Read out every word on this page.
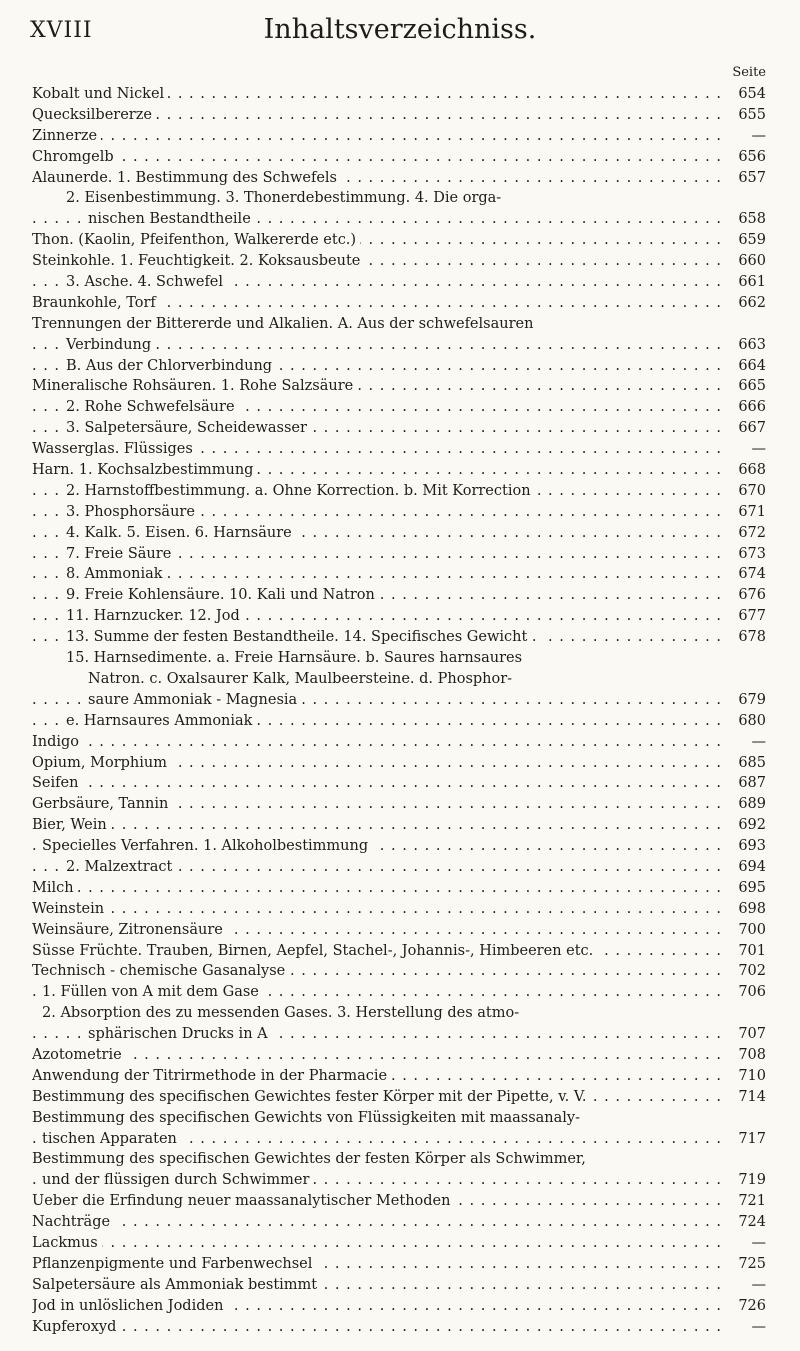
XVIII	Inhaltsverzeichniss.
Seite
. . . Kobalt und Nickel	654
. . . Quecksilbererze	655
. . . Zinnerze	—
. . . Chromgelb	656
. . . Alaunerde. 1. Bestimmung des Schwefels	657
2. Eisenbestimmung. 3. Thonerdebestimmung. 4. Die orga-
. . . nischen Bestandtheile	658
. . . Thon. (Kaolin, Pfeifenthon, Walkererde etc.)	659
. . . Steinkohle. 1. Feuchtigkeit. 2. Koksausbeute	660
. . . 3. Asche. 4. Schwefel	661
. . . Braunkohle, Torf	662
Trennungen der Bittererde und Alkalien. A. Aus der schwefelsauren
. . . Verbindung	663
. . . B. Aus der Chlorverbindung	664
. . . Mineralische Rohsäuren. 1. Rohe Salzsäure	665
. . . 2. Rohe Schwefelsäure	666
. . . 3. Salpetersäure, Scheidewasser	667
. . . Wasserglas. Flüssiges	—
. . . Harn. 1. Kochsalzbestimmung	668
. . . 2. Harnstoffbestimmung. a. Ohne Korrection. b. Mit Korrection	670
. . . 3. Phosphorsäure	671
. . . 4. Kalk. 5. Eisen. 6. Harnsäure	672
. . . 7. Freie Säure	673
. . . 8. Ammoniak	674
. . . 9. Freie Kohlensäure. 10. Kali und Natron	676
. . . 11. Harnzucker. 12. Jod	677
. . . 13. Summe der festen Bestandtheile. 14. Specifisches Gewicht .	678
15. Harnsedimente. a. Freie Harnsäure. b. Saures harnsaures
Natron. c. Oxalsaurer Kalk, Maulbeersteine. d. Phosphor-
. . . saure Ammoniak - Magnesia	679
. . . e. Harnsaures Ammoniak	680
. . . Indigo	—
. . . Opium, Morphium	685
. . . Seifen	687
. . . Gerbsäure, Tannin	689
. . . Bier, Wein	692
. . . Specielles Verfahren. 1. Alkoholbestimmung	693
. . . 2. Malzextract	694
. . . Milch	695
. . . Weinstein	698
. . . Weinsäure, Zitronensäure	700
. . . Süsse Früchte. Trauben, Birnen, Aepfel, Stachel-, Johannis-, Himbeeren etc.	701
. . . Technisch - chemische Gasanalyse	702
. . . 1. Füllen von A mit dem Gase	706
2. Absorption des zu messenden Gases. 3. Herstellung des atmo-
. . . sphärischen Drucks in A	707
. . . Azotometrie	708
. . . Anwendung der Titrirmethode in der Pharmacie	710
. . . Bestimmung des specifischen Gewichtes fester Körper mit der Pipette, v. V.	714
Bestimmung des specifischen Gewichts von Flüssigkeiten mit maassanaly-
. . . tischen Apparaten	717
Bestimmung des specifischen Gewichtes der festen Körper als Schwimmer,
. . . und der flüssigen durch Schwimmer	719
. . . Ueber die Erfindung neuer maassanalytischer Methoden	721
. . . Nachträge	724
. . . Lackmus	—
. . . Pflanzenpigmente und Farbenwechsel	725
. . . Salpetersäure als Ammoniak bestimmt	—
. . . Jod in unlöslichen Jodiden	726
. . . Kupferoxyd	—
